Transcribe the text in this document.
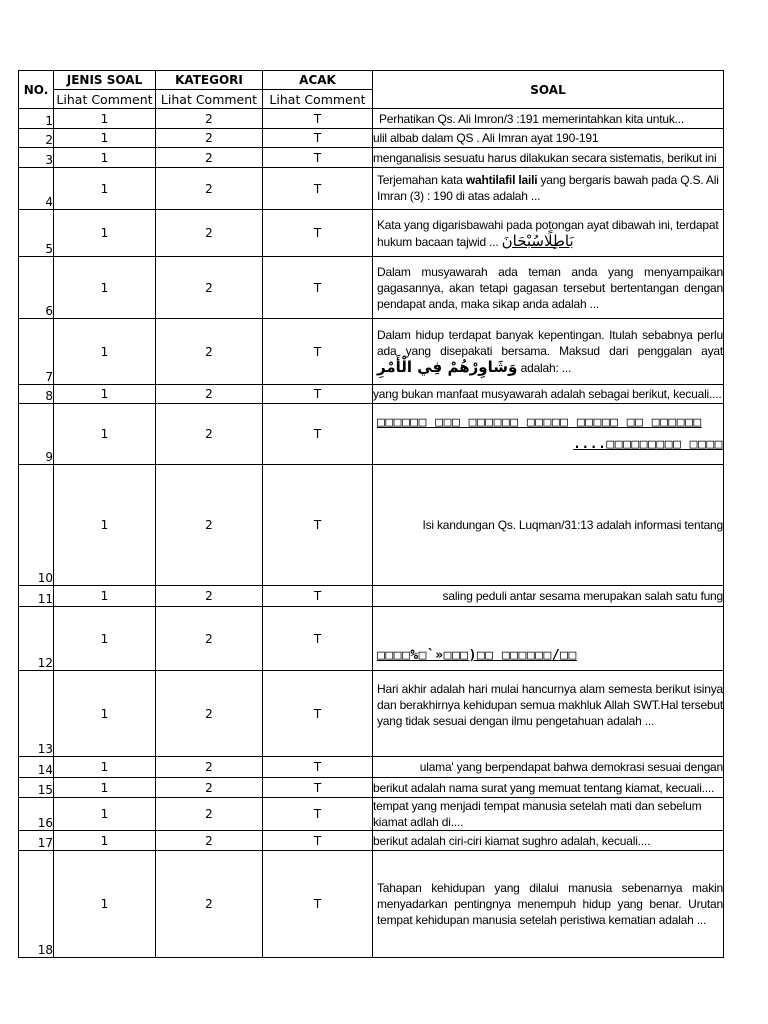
NO.	JENIS SOAL	KATEGORI	ACAK	SOAL
	Lihat Comment	Lihat Comment	Lihat Comment	
1	1	2	T	Perhatikan Qs. Ali Imron/3 :191 memerintahkan kita untuk...
2	1	2	T	ulil albab dalam QS . Ali Imran ayat 190-191
3	1	2	T	menganalisis sesuatu harus dilakukan secara sistematis, berikut ini
4	1	2	T	Terjemahan kata wahtilafil laili yang bergaris bawah pada Q.S. Ali Imran (3) : 190 di atas adalah ...
5	1	2	T	Kata yang digarisbawahi pada potongan ayat dibawah ini, terdapat hukum bacaan tajwid ... بَاطِلًاسُبْحَانَ
6	1	2	T	Dalam musyawarah ada teman anda yang menyampaikan gagasannya, akan tetapi gagasan tersebut bertentangan dengan pendapat anda, maka sikap anda adalah ...
7	1	2	T	Dalam hidup terdapat banyak kepentingan. Itulah sebabnya perlu ada yang disepakati bersama. Maksud dari penggalan ayat وَشَاوِرْهُمْ فِي الْأَمْرِ adalah: ...
8	1	2	T	yang bukan manfaat musyawarah adalah sebagai berikut, kecuali....
9	1	2	T	□□□□□□ □□□ □□□□□□ □□□□□ □□□□□ □□ □□□□□□
....□□□□□□□□□ □□□□

10	1	2	T	Isi kandungan Qs. Luqman/31:13 adalah informasi tentang
11	1	2	T	saling peduli antar sesama merupakan salah satu fung
12	1	2	T	□□□□%□`»□□□)□□ □□□□□□/□□
13	1	2	T	Hari akhir adalah hari mulai hancurnya alam semesta berikut isinya dan berakhirnya kehidupan semua makhluk Allah SWT.Hal tersebut yang tidak sesuai dengan ilmu pengetahuan adalah ...
14	1	2	T	ulama' yang berpendapat bahwa demokrasi sesuai dengan
15	1	2	T	berikut adalah nama surat yang memuat tentang kiamat, kecuali....
16	1	2	T	tempat yang menjadi tempat manusia setelah mati dan sebelum kiamat adlah di....
17	1	2	T	berikut adalah ciri-ciri kiamat sughro adalah, kecuali....
18	1	2	T	Tahapan kehidupan yang dilalui manusia sebenarnya makin menyadarkan pentingnya menempuh hidup yang benar. Urutan tempat kehidupan manusia setelah peristiwa kematian adalah ...
